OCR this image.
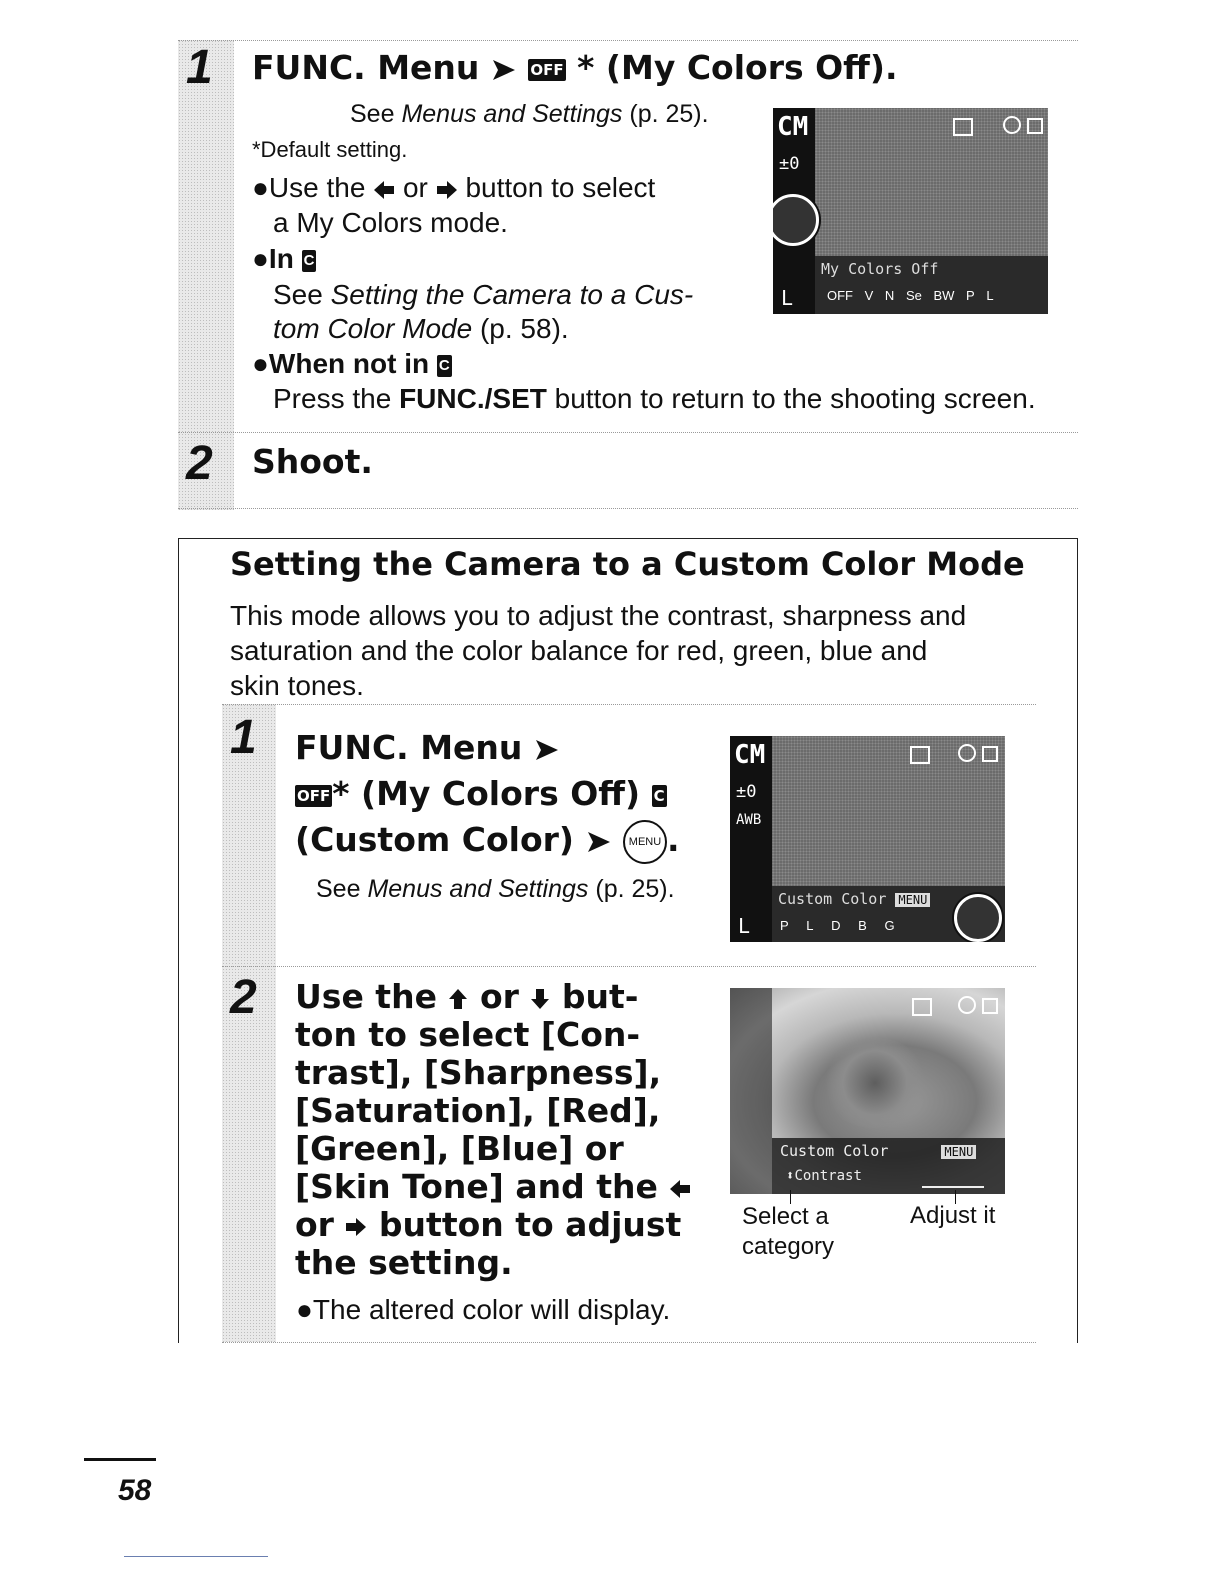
1 FUNC. Menu	OFF * (My Colors Off).
See Menus and Settings (p. 25).
*Default setting.
●Use the  or  button to select
a My Colors mode.
●In C
See Setting the Camera to a Cus-
tom Color Mode (p. 58).
●When not in C
Press the FUNC./SET button to return to the shooting screen.
2 Shoot.
CM
±0
My Colors Off
L	OFF V N Se BW P L
Setting the Camera to a Custom Color Mode
This mode allows you to adjust the contrast, sharpness and
saturation and the color balance for red, green, blue and
skin tones.
1 FUNC. Menu
OFF* (My Colors Off) C
(Custom Color)	MENU .
See Menus and Settings (p. 25).
CM
±0
AWB
Custom Color MENU
L P L D B G
2 Use the  or  but-
ton to select [Con-
trast], [Sharpness],
[Saturation], [Red],
[Green], [Blue] or
[Skin Tone] and the
or  button to adjust
the setting.
●The altered color will display.
Custom Color	MENU
⬍Contrast
Select a
category
Adjust it
58
